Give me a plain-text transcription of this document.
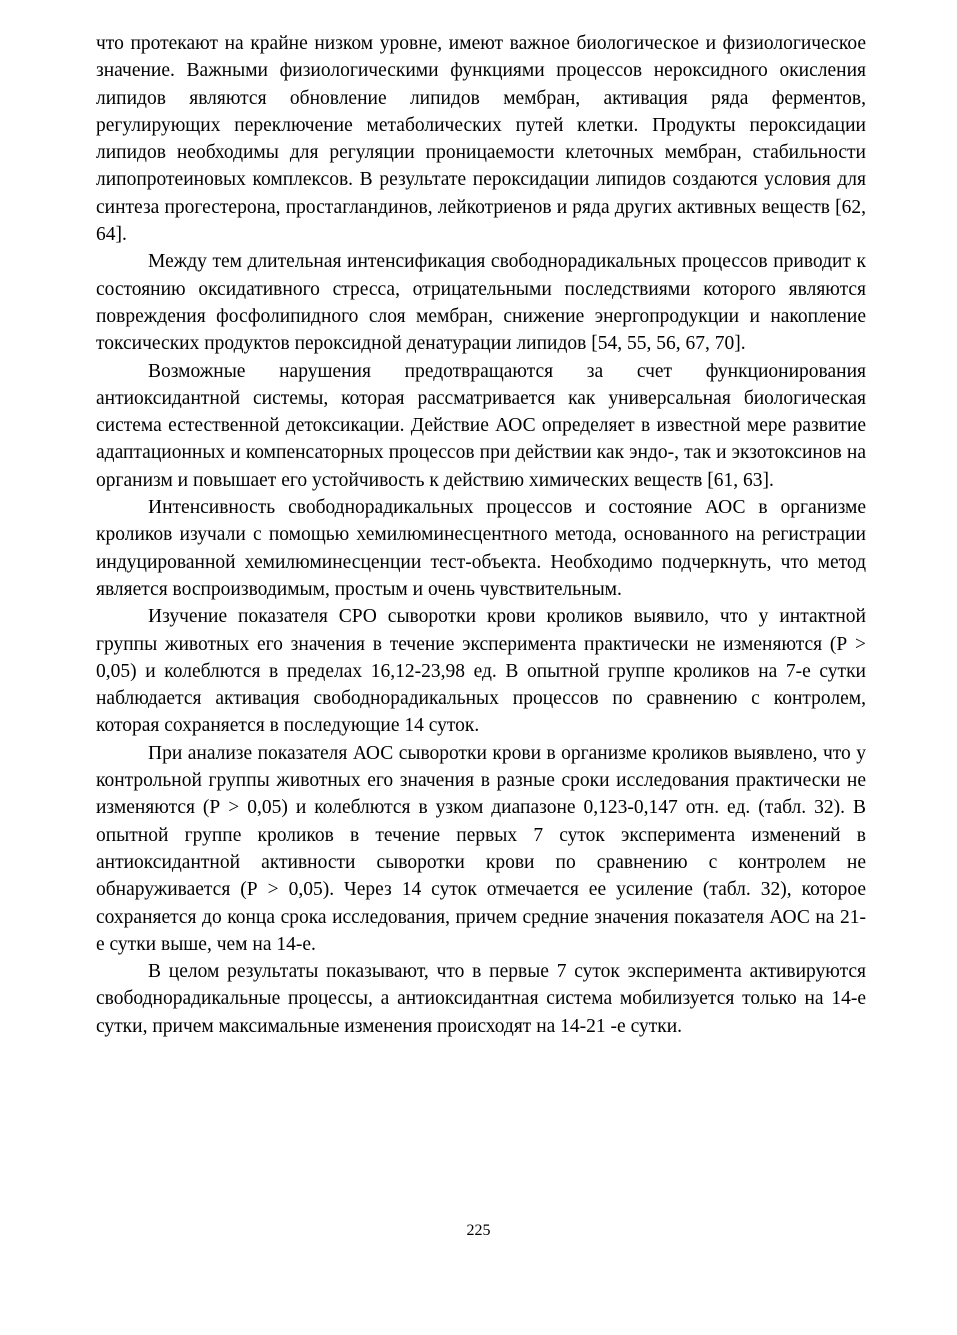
что протекают на крайне низком уровне, имеют важное биологическое и физиологическое значение. Важными физиологическими функциями процессов нероксидного окисления липидов являются обновление липидов мембран, активация ряда ферментов, регулирующих переключение метаболических путей клетки. Продукты пероксидации липидов необходимы для регуляции проницаемости клеточных мембран, стабильности липопротеиновых комплексов. В результате пероксидации липидов создаются условия для синтеза прогестерона, простагландинов, лейкотриенов и ряда других активных веществ [62, 64].

Между тем длительная интенсификация свободнорадикальных процессов приводит к состоянию оксидативного стресса, отрицательными последствиями которого являются повреждения фосфолипидного слоя мембран, снижение энергопродукции и накопление токсических продуктов пероксидной денатурации липидов [54, 55, 56, 67, 70].

Возможные нарушения предотвращаются за счет функционирования антиоксидантной системы, которая рассматривается как универсальная биологическая система естественной детоксикации. Действие АОС определяет в известной мере развитие адаптационных и компенсаторных процессов при действии как эндо-, так и экзотоксинов на организм и повышает его устойчивость к действию химических веществ [61, 63].

Интенсивность свободнорадикальных процессов и состояние АОС в организме кроликов изучали с помощью хемилюминесцентного метода, основанного на регистрации индуцированной хемилюминесценции тест-объекта. Необходимо подчеркнуть, что метод является воспроизводимым, простым и очень чувствительным.

Изучение показателя СРО сыворотки крови кроликов выявило, что у интактной группы животных его значения в течение эксперимента практически не изменяются (Р > 0,05) и колеблются в пределах 16,12-23,98 ед. В опытной группе кроликов на 7-е сутки наблюдается активация свободнорадикальных процессов по сравнению с контролем, которая сохраняется в последующие 14 суток.

При анализе показателя АОС сыворотки крови в организме кроликов выявлено, что у контрольной группы животных его значения в разные сроки исследования практически не изменяются (Р > 0,05) и колеблются в узком диапазоне 0,123-0,147 отн. ед. (табл. 32). В опытной группе кроликов в течение первых 7 суток эксперимента изменений в антиоксидантной активности сыворотки крови по сравнению с контролем не обнаруживается (Р > 0,05). Через 14 суток отмечается ее усиление (табл. 32), которое сохраняется до конца срока исследования, причем средние значения показателя АОС на 21-е сутки выше, чем на 14-е.

В целом результаты показывают, что в первые 7 суток эксперимента активируются свободнорадикальные процессы, а антиоксидантная система мобилизуется только на 14-е сутки, причем максимальные изменения происходят на 14-21 -е сутки.

225
